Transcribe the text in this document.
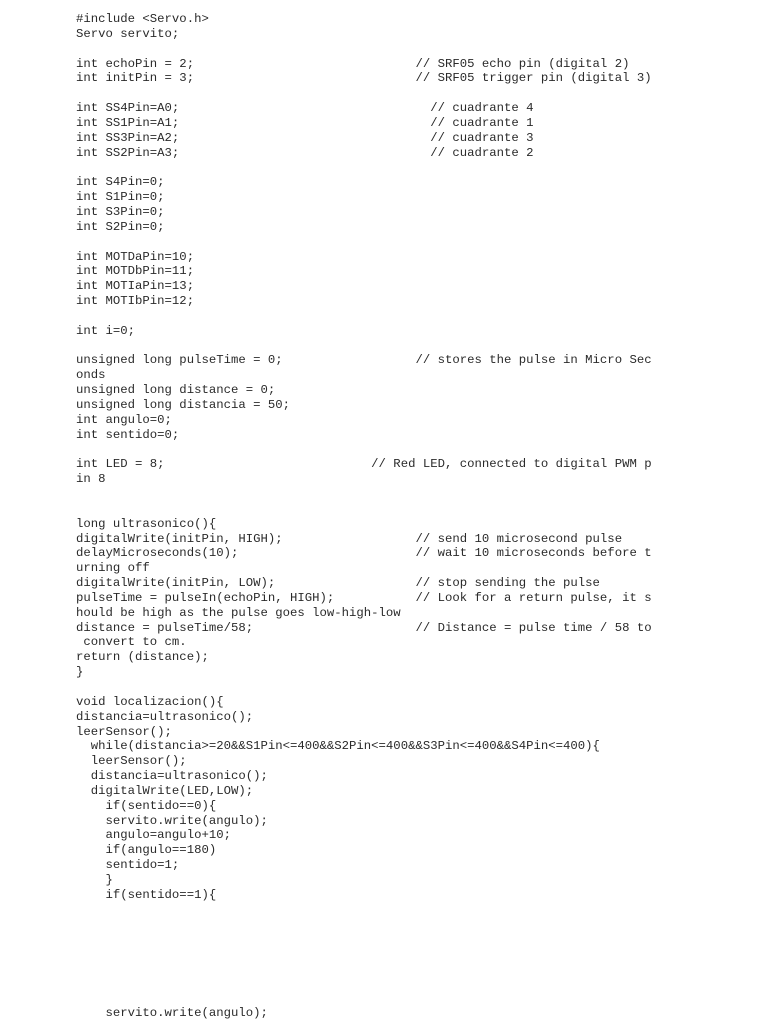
#include <Servo.h>
Servo servito;
int echoPin = 2;                              // SRF05 echo pin (digital 2)
int initPin = 3;                              // SRF05 trigger pin (digital 3)
int SS4Pin=A0;                                  // cuadrante 4
int SS1Pin=A1;                                  // cuadrante 1
int SS3Pin=A2;                                  // cuadrante 3
int SS2Pin=A3;                                  // cuadrante 2
int S4Pin=0;
int S1Pin=0;
int S3Pin=0;
int S2Pin=0;
int MOTDaPin=10;
int MOTDbPin=11;
int MOTIaPin=13;
int MOTIbPin=12;
int i=0;
unsigned long pulseTime = 0;                  // stores the pulse in Micro Sec
onds
unsigned long distance = 0;
unsigned long distancia = 50;
int angulo=0;
int sentido=0;
int LED = 8;                            // Red LED, connected to digital PWM p
in 8
long ultrasonico(){
digitalWrite(initPin, HIGH);                  // send 10 microsecond pulse
delayMicroseconds(10);                        // wait 10 microseconds before t
urning off
digitalWrite(initPin, LOW);                   // stop sending the pulse
pulseTime = pulseIn(echoPin, HIGH);           // Look for a return pulse, it s
hould be high as the pulse goes low-high-low
distance = pulseTime/58;                      // Distance = pulse time / 58 to
convert to cm.
return (distance);
}
void localizacion(){
distancia=ultrasonico();
leerSensor();
while(distancia>=20&&S1Pin<=400&&S2Pin<=400&&S3Pin<=400&&S4Pin<=400){
leerSensor();
distancia=ultrasonico();
digitalWrite(LED,LOW);
if(sentido==0){
servito.write(angulo);
angulo=angulo+10;
if(angulo==180)
sentido=1;
}
if(sentido==1){
servito.write(angulo);
